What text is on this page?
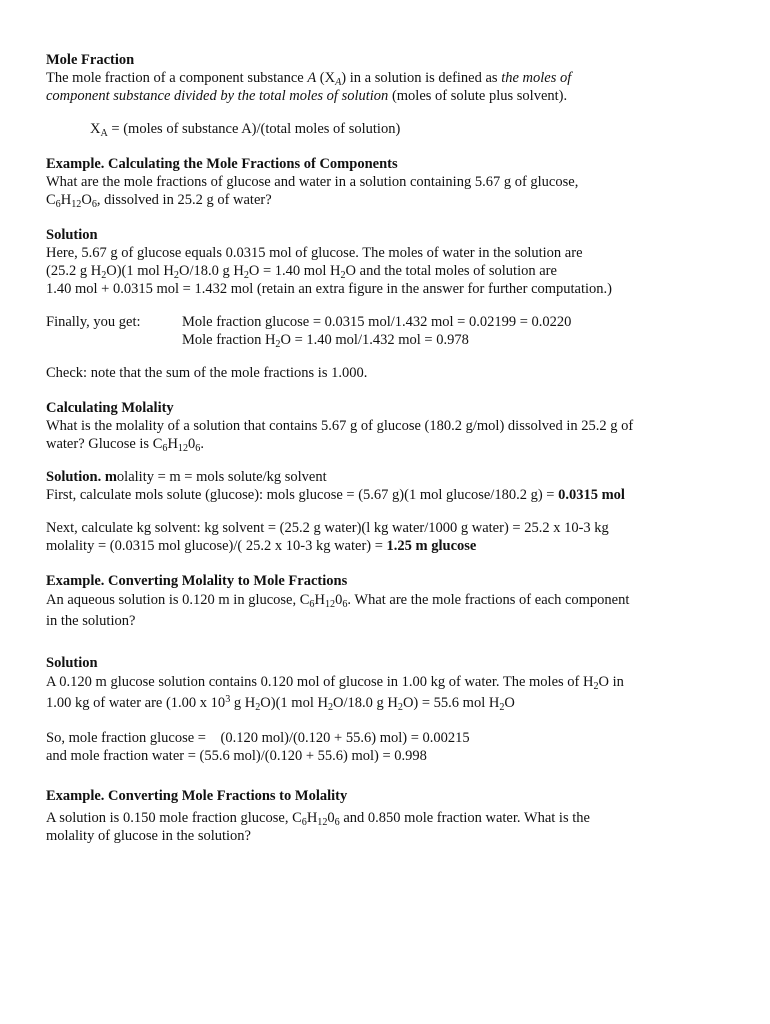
Mole Fraction
The mole fraction of a component substance A $(X_A)$ in a solution is defined as the moles of
component substance divided by the total moles of solution (moles of solute plus solvent).
$X_A$ = (moles of substance A)/(total moles of solution)
Example. Calculating the Mole Fractions of Components
What are the mole fractions of glucose and water in a solution containing 5.67 g of glucose,
$C_6H_{12}O_6$, dissolved in 25.2 g of water?
Solution
Here, 5.67 g of glucose equals 0.0315 mol of glucose. The moles of water in the solution are
(25.2 g $H_2O)(1$ mol $H_2O/18.0$ g $H_2O = 1.40$ mol $H_2O$ and the total moles of solution are
1.40 mol + 0.0315 mol = 1.432 mol (retain an extra figure in the answer for further computation.)
Finally, you get:	Mole fraction glucose = 0.0315 mol/1.432 mol = 0.02199 = 0.0220
Mole fraction $H_2O = 1.40$ mol/1.432 mol = 0.978
Check: note that the sum of the mole fractions is 1.000.
Calculating Molality
What is the molality of a solution that contains 5.67 g of glucose (180.2 g/mol) dissolved in 25.2 g of
water? Glucose is $C_6H_{12}0_6$.
Solution. molality = m = mols solute/kg solvent
First, calculate mols solute (glucose): mols glucose = (5.67 g)(1 mol glucose/180.2 g) = 0.0315 mol
Next, calculate kg solvent: kg solvent = (25.2 g water)(l kg water/1000 g water) = 25.2 x 10-3 kg
molality = (0.0315 mol glucose)/( 25.2 x 10-3 kg water) = 1.25 m glucose
Example. Converting Molality to Mole Fractions
An aqueous solution is 0.120 m in glucose, $C_6H_{12}0_6$. What are the mole fractions of each component
in the solution?
Solution
A 0.120 m glucose solution contains 0.120 mol of glucose in 1.00 kg of water. The moles of $H_2O$ in
1.00 kg of water are (1.00 x $10^3$ g $H_2O)(1$ mol $H_2O/18.0$ g $H_2O) = 55.6$ mol $H_2O$
So, mole fraction glucose =    (0.120 mol)/(0.120 + 55.6) mol) = 0.00215
and mole fraction water = (55.6 mol)/(0.120 + 55.6) mol) = 0.998
Example. Converting Mole Fractions to Molality
A solution is 0.150 mole fraction glucose, $C_6H_{12}0_6$ and 0.850 mole fraction water. What is the
molality of glucose in the solution?
